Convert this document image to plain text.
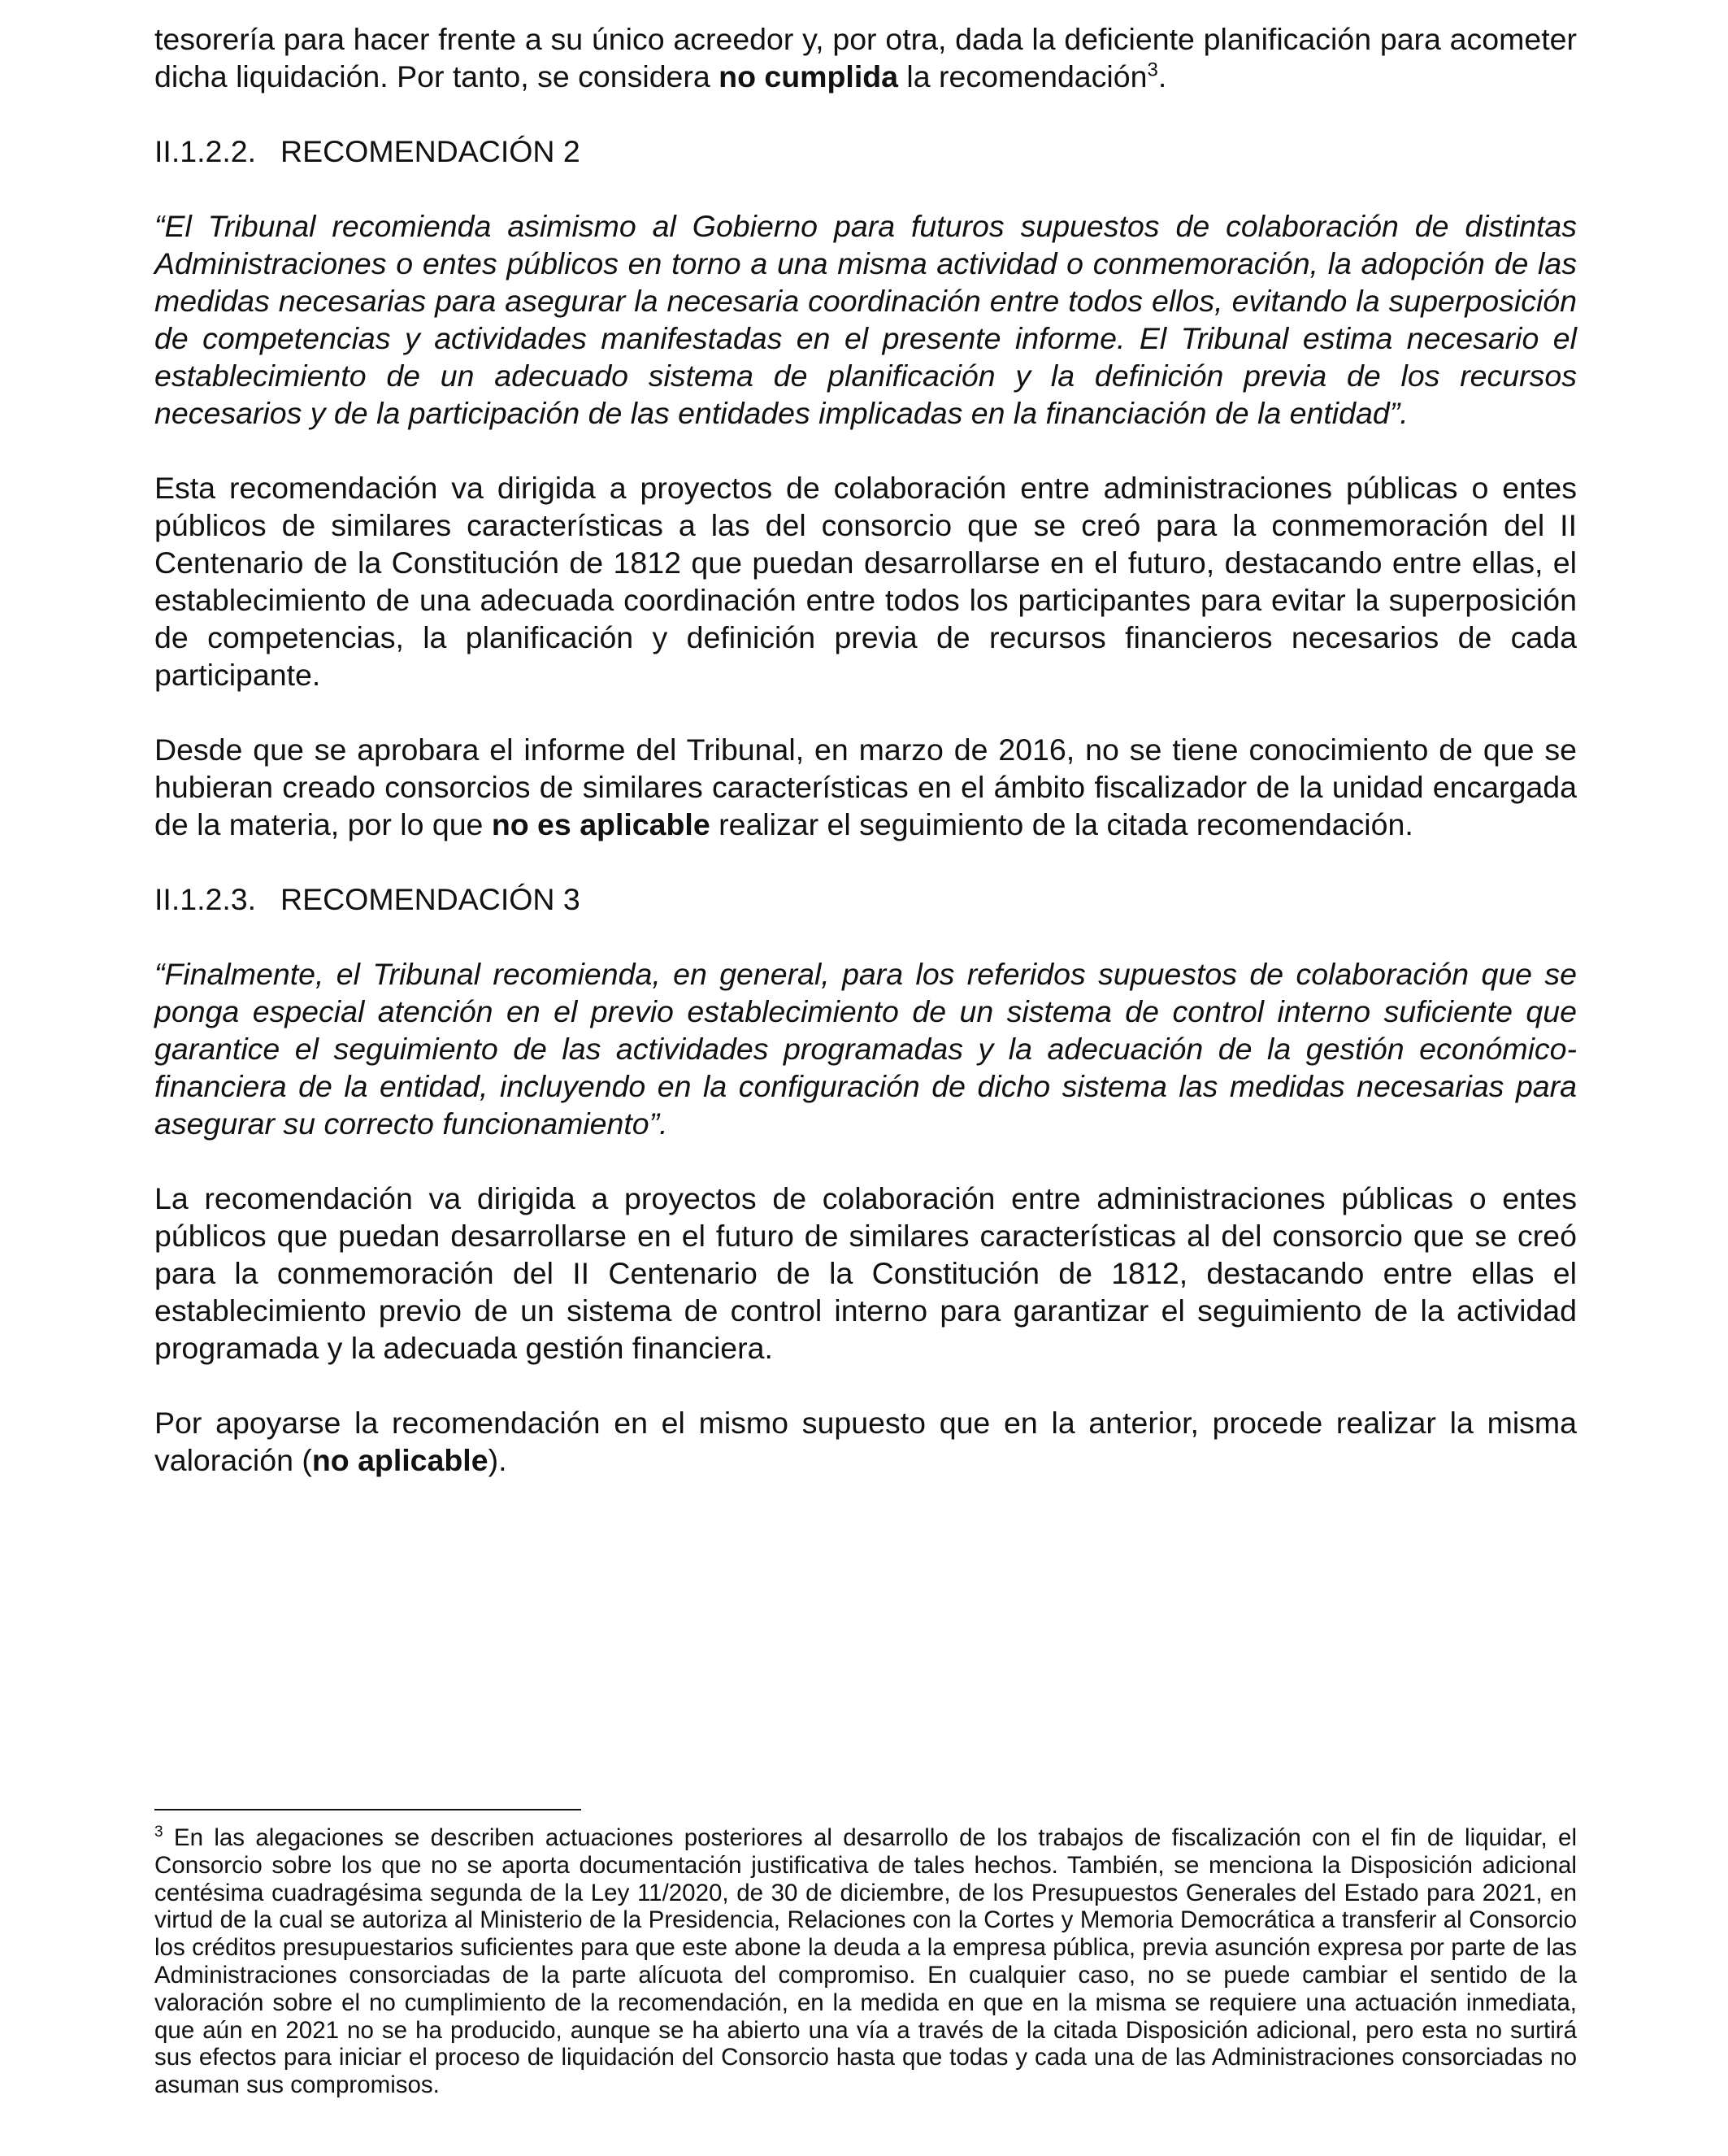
tesorería para hacer frente a su único acreedor y, por otra, dada la deficiente planificación para acometer dicha liquidación. Por tanto, se considera no cumplida la recomendación$^3$.

II.1.2.2. RECOMENDACIÓN 2

“El Tribunal recomienda asimismo al Gobierno para futuros supuestos de colaboración de distintas Administraciones o entes públicos en torno a una misma actividad o conmemoración, la adopción de las medidas necesarias para asegurar la necesaria coordinación entre todos ellos, evitando la superposición de competencias y actividades manifestadas en el presente informe. El Tribunal estima necesario el establecimiento de un adecuado sistema de planificación y la definición previa de los recursos necesarios y de la participación de las entidades implicadas en la financiación de la entidad”.

Esta recomendación va dirigida a proyectos de colaboración entre administraciones públicas o entes públicos de similares características a las del consorcio que se creó para la conmemoración del II Centenario de la Constitución de 1812 que puedan desarrollarse en el futuro, destacando entre ellas, el establecimiento de una adecuada coordinación entre todos los participantes para evitar la superposición de competencias, la planificación y definición previa de recursos financieros necesarios de cada participante.

Desde que se aprobara el informe del Tribunal, en marzo de 2016, no se tiene conocimiento de que se hubieran creado consorcios de similares características en el ámbito fiscalizador de la unidad encargada de la materia, por lo que no es aplicable realizar el seguimiento de la citada recomendación.

II.1.2.3. RECOMENDACIÓN 3

“Finalmente, el Tribunal recomienda, en general, para los referidos supuestos de colaboración que se ponga especial atención en el previo establecimiento de un sistema de control interno suficiente que garantice el seguimiento de las actividades programadas y la adecuación de la gestión económico-financiera de la entidad, incluyendo en la configuración de dicho sistema las medidas necesarias para asegurar su correcto funcionamiento”.

La recomendación va dirigida a proyectos de colaboración entre administraciones públicas o entes públicos que puedan desarrollarse en el futuro de similares características al del consorcio que se creó para la conmemoración del II Centenario de la Constitución de 1812, destacando entre ellas el establecimiento previo de un sistema de control interno para garantizar el seguimiento de la actividad programada y la adecuada gestión financiera.

Por apoyarse la recomendación en el mismo supuesto que en la anterior, procede realizar la misma valoración (no aplicable).

$^3$ En las alegaciones se describen actuaciones posteriores al desarrollo de los trabajos de fiscalización con el fin de liquidar, el Consorcio sobre los que no se aporta documentación justificativa de tales hechos. También, se menciona la Disposición adicional centésima cuadragésima segunda de la Ley 11/2020, de 30 de diciembre, de los Presupuestos Generales del Estado para 2021, en virtud de la cual se autoriza al Ministerio de la Presidencia, Relaciones con la Cortes y Memoria Democrática a transferir al Consorcio los créditos presupuestarios suficientes para que este abone la deuda a la empresa pública, previa asunción expresa por parte de las Administraciones consorciadas de la parte alícuota del compromiso. En cualquier caso, no se puede cambiar el sentido de la valoración sobre el no cumplimiento de la recomendación, en la medida en que en la misma se requiere una actuación inmediata, que aún en 2021 no se ha producido, aunque se ha abierto una vía a través de la citada Disposición adicional, pero esta no surtirá sus efectos para iniciar el proceso de liquidación del Consorcio hasta que todas y cada una de las Administraciones consorciadas no asuman sus compromisos.
